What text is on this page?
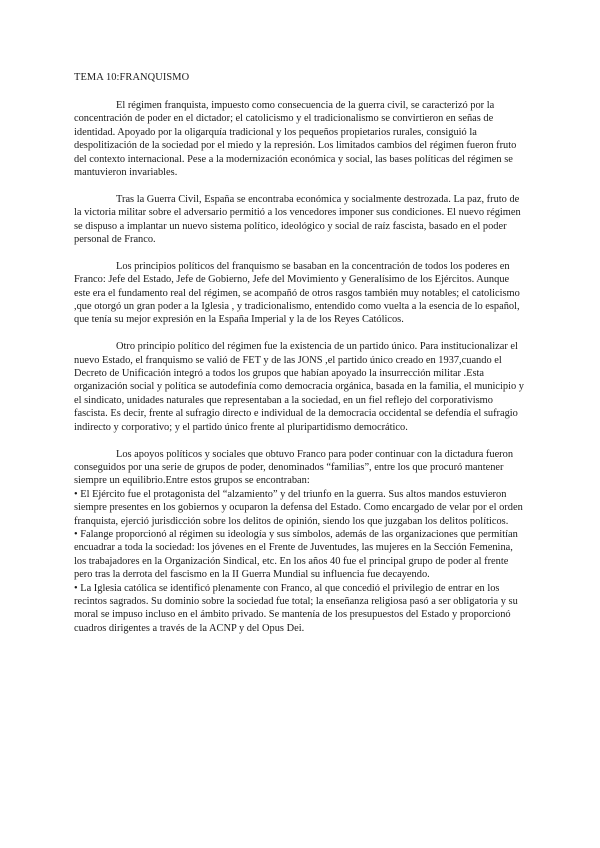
TEMA 10:FRANQUISMO

El régimen franquista, impuesto como consecuencia de la guerra civil, se caracterizó por la concentración de poder en el dictador; el catolicismo y el tradicionalismo se convirtieron en señas de identidad. Apoyado por la oligarquía tradicional y los pequeños propietarios rurales, consiguió la despolitización de la sociedad por el miedo y la represión. Los limitados cambios del régimen fueron fruto del contexto internacional. Pese a la modernización económica y social, las bases políticas del régimen se mantuvieron invariables.

Tras la Guerra Civil, España se encontraba económica y socialmente destrozada. La paz, fruto de la victoria militar sobre el adversario permitió a los vencedores imponer sus condiciones. El nuevo régimen se dispuso a implantar un nuevo sistema político, ideológico y social de raíz fascista, basado en el poder personal de Franco.

Los principios políticos del franquismo se basaban en la concentración de todos los poderes en Franco: Jefe del Estado, Jefe de Gobierno, Jefe del Movimiento y Generalísimo de los Ejércitos. Aunque este era el fundamento real del régimen, se acompañó de otros rasgos también muy notables; el catolicismo ,que otorgó un gran poder a la Iglesia , y tradicionalismo, entendido como vuelta a la esencia de lo español, que tenía su mejor expresión en la España Imperial y la de los Reyes Católicos.

Otro principio político del régimen fue la existencia de un partido único. Para institucionalizar el nuevo Estado, el franquismo se valió de FET y de las JONS ,el partido único creado en 1937,cuando el Decreto de Unificación integró a todos los grupos que habían apoyado la insurrección militar .Esta organización social y política se autodefinía como democracia orgánica, basada en la familia, el municipio y el sindicato, unidades naturales que representaban a la sociedad, en un fiel reflejo del corporativismo fascista. Es decir, frente al sufragio directo e individual de la democracia occidental se defendía el sufragio indirecto y corporativo; y el partido único frente al pluripartidismo democrático.

Los apoyos políticos y sociales que obtuvo Franco para poder continuar con la dictadura fueron conseguidos por una serie de grupos de poder, denominados “familias”, entre los que procuró mantener siempre un equilibrio.Entre estos grupos se encontraban:

• El Ejército fue el protagonista del “alzamiento” y del triunfo en la guerra. Sus altos mandos estuvieron siempre presentes en los gobiernos y ocuparon la defensa del Estado. Como encargado de velar por el orden franquista, ejerció jurisdicción sobre los delitos de opinión, siendo los que juzgaban los delitos políticos.

• Falange proporcionó al régimen su ideología y sus símbolos, además de las organizaciones que permitían encuadrar a toda la sociedad: los jóvenes en el Frente de Juventudes, las mujeres en la Sección Femenina, los trabajadores en la Organización Sindical, etc. En los años 40 fue el principal grupo de poder al frente pero tras la derrota del fascismo en la II Guerra Mundial su influencia fue decayendo.

• La Iglesia católica se identificó plenamente con Franco, al que concedió el privilegio de entrar en los recintos sagrados. Su dominio sobre la sociedad fue total; la enseñanza religiosa pasó a ser obligatoria y su moral se impuso incluso en el ámbito privado. Se mantenía de los presupuestos del Estado y proporcionó cuadros dirigentes a través de la ACNP y del Opus Dei.
